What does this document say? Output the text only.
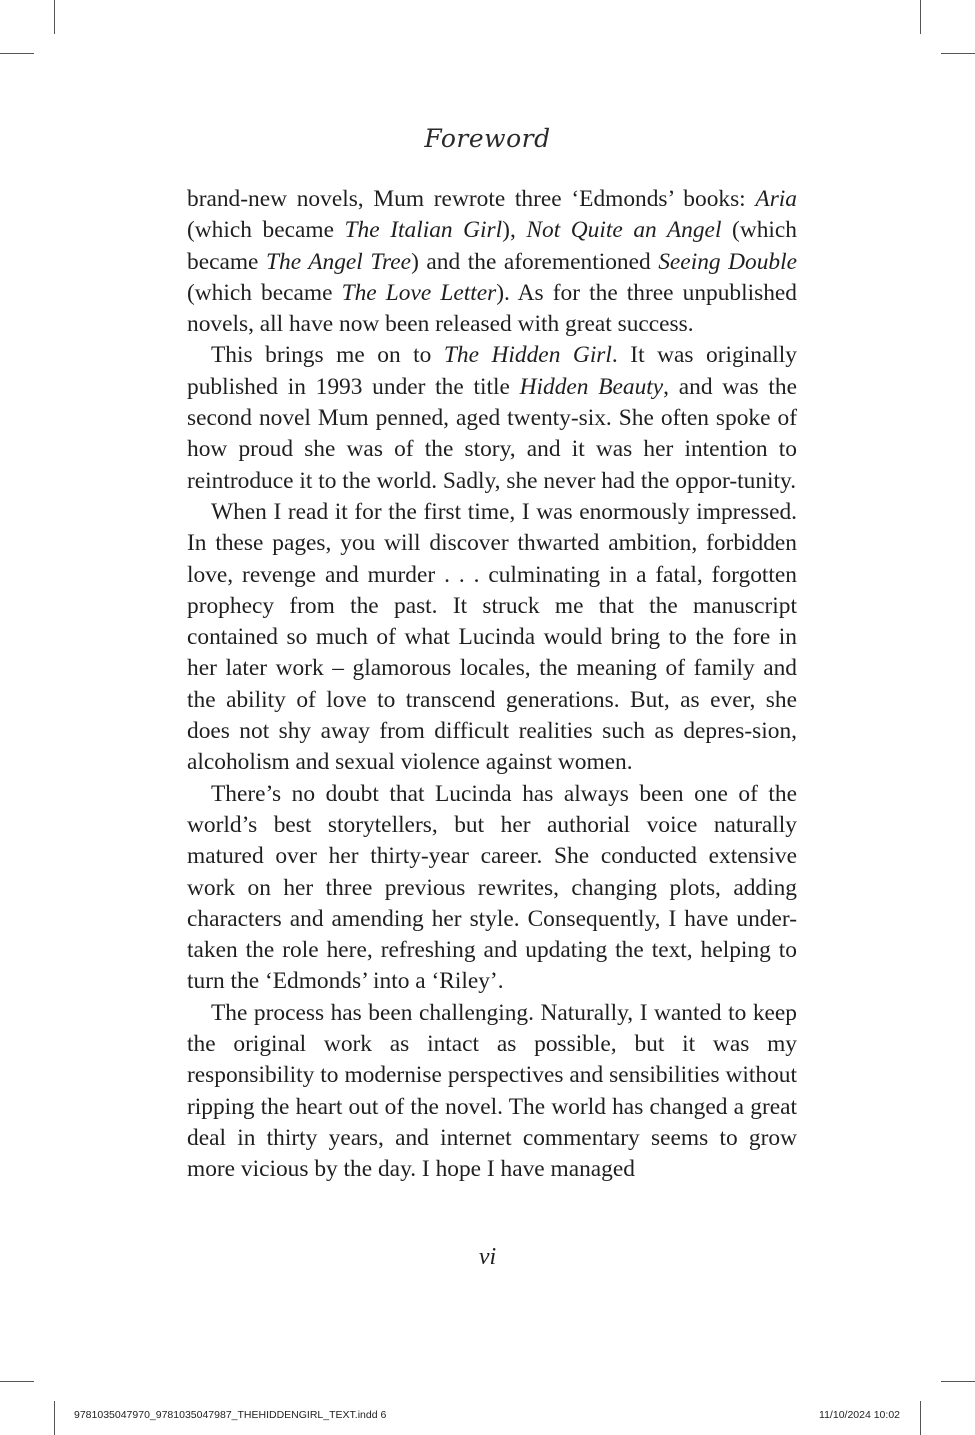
Foreword

brand-new novels, Mum rewrote three ‘Edmonds’ books: Aria (which became The Italian Girl), Not Quite an Angel (which became The Angel Tree) and the aforementioned Seeing Double (which became The Love Letter). As for the three unpublished novels, all have now been released with great success.

This brings me on to The Hidden Girl. It was originally published in 1993 under the title Hidden Beauty, and was the second novel Mum penned, aged twenty-six. She often spoke of how proud she was of the story, and it was her intention to reintroduce it to the world. Sadly, she never had the oppor-tunity.

When I read it for the first time, I was enormously impressed. In these pages, you will discover thwarted ambition, forbidden love, revenge and murder . . . culminating in a fatal, forgotten prophecy from the past. It struck me that the manuscript contained so much of what Lucinda would bring to the fore in her later work – glamorous locales, the meaning of family and the ability of love to transcend generations. But, as ever, she does not shy away from difficult realities such as depres-sion, alcoholism and sexual violence against women.

There’s no doubt that Lucinda has always been one of the world’s best storytellers, but her authorial voice naturally matured over her thirty-year career. She conducted extensive work on her three previous rewrites, changing plots, adding characters and amending her style. Consequently, I have under-taken the role here, refreshing and updating the text, helping to turn the ‘Edmonds’ into a ‘Riley’.

The process has been challenging. Naturally, I wanted to keep the original work as intact as possible, but it was my responsibility to modernise perspectives and sensibilities without ripping the heart out of the novel. The world has changed a great deal in thirty years, and internet commentary seems to grow more vicious by the day. I hope I have managed

vi
9781035047970_9781035047987_THEHIDDENGIRL_TEXT.indd 6	11/10/2024 10:02
